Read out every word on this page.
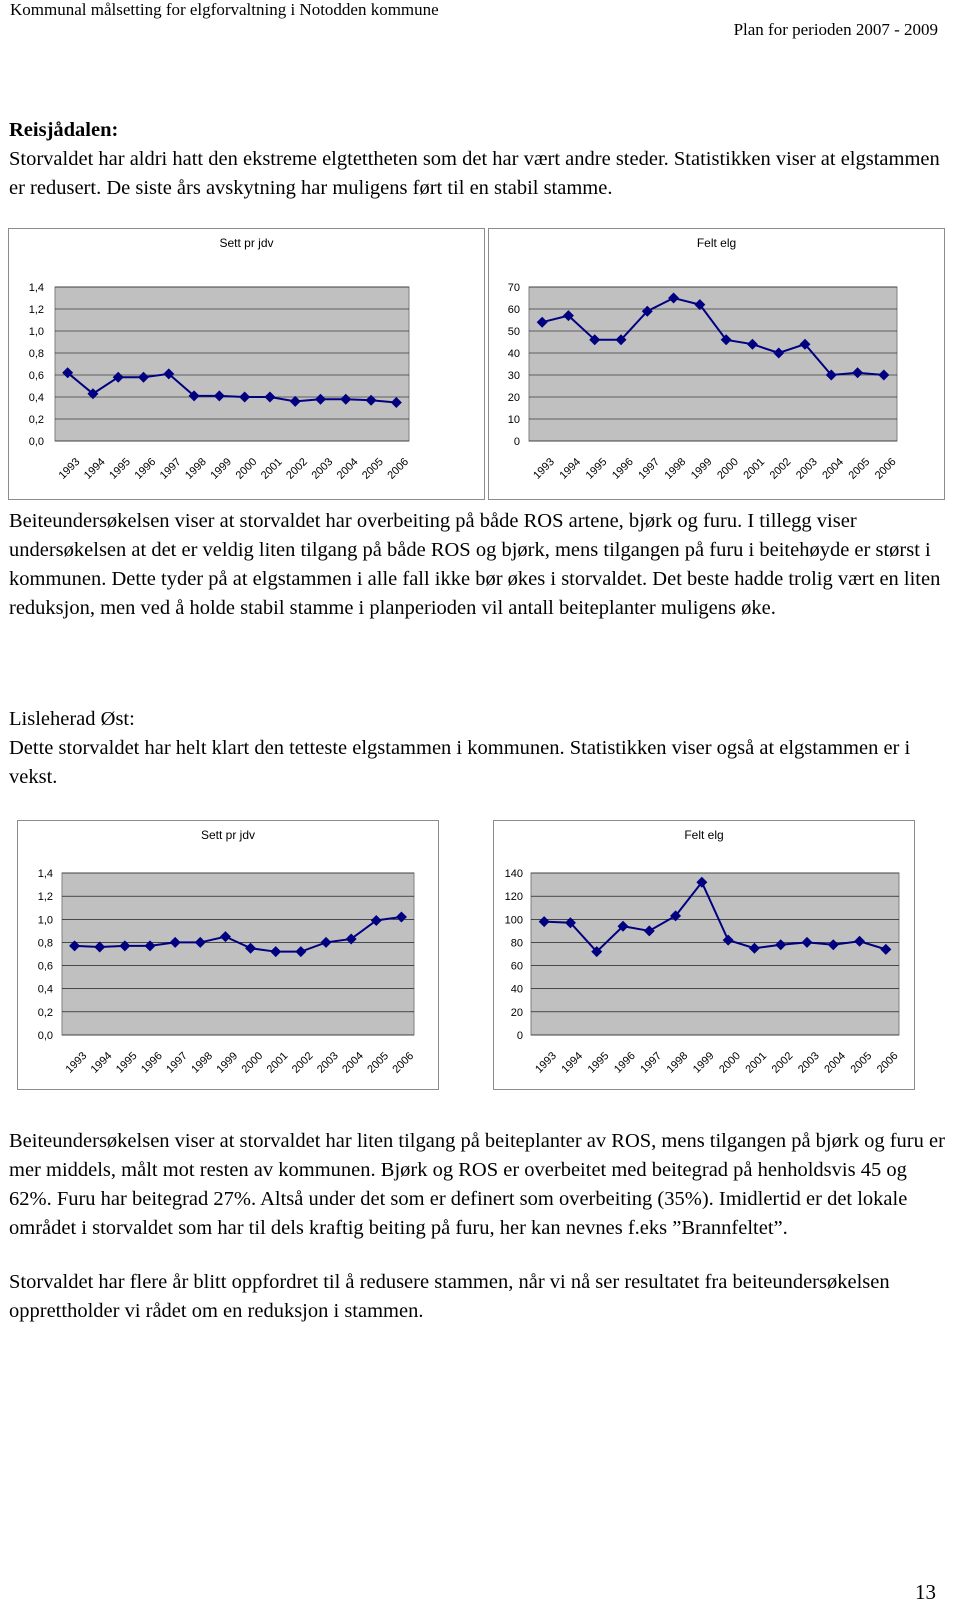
Kommunal målsetting for elgforvaltning i Notodden kommune
Plan for perioden 2007 - 2009
Reisjådalen:
Storvaldet har aldri hatt den ekstreme elgtettheten som det har vært andre steder. Statistikken viser at elgstammen er redusert. De siste års avskytning har muligens ført til en stabil stamme.
Sett pr jdv
0,0
0,2
0,4
0,6
0,8
1,0
1,2
1,4
1993 1994 1995 1996 1997 1998 1999 2000 2001 2002 2003 2004 2005 2006
Felt elg
0
10
20
30
40
50
60
70
1993 1994 1995 1996 1997 1998 1999 2000 2001 2002 2003 2004 2005 2006

Beiteundersøkelsen viser at storvaldet har overbeiting på både ROS artene, bjørk og furu. I tillegg viser undersøkelsen at det er veldig liten tilgang på både ROS og bjørk, mens tilgangen på furu i beitehøyde er størst i kommunen. Dette tyder på at elgstammen i alle fall ikke bør økes i storvaldet. Det beste hadde trolig vært en liten reduksjon, men ved å holde stabil stamme i planperioden vil antall beiteplanter muligens øke.

Lisleherad Øst:
Dette storvaldet har helt klart den tetteste elgstammen i kommunen. Statistikken viser også at elgstammen er i vekst.
Sett pr jdv
0,0
0,2
0,4
0,6
0,8
1,0
1,2
1,4
1993 1994 1995 1996 1997 1998 1999 2000 2001 2002 2003 2004 2005 2006
Felt elg
0
20
40
60
80
100
120
140
1993 1994 1995 1996 1997 1998 1999 2000 2001 2002 2003 2004 2005 2006

Beiteundersøkelsen viser at storvaldet har liten tilgang på beiteplanter av ROS, mens tilgangen på bjørk og furu er mer middels, målt mot resten av kommunen. Bjørk og ROS er overbeitet med beitegrad på henholdsvis 45 og 62%. Furu har beitegrad 27%. Altså under det som er definert som overbeiting (35%). Imidlertid er det lokale området i storvaldet som har til dels kraftig beiting på furu, her kan nevnes f.eks ”Brannfeltet”.

Storvaldet har flere år blitt oppfordret til å redusere stammen, når vi nå ser resultatet fra beiteundersøkelsen opprettholder vi rådet om en reduksjon i stammen.

13
